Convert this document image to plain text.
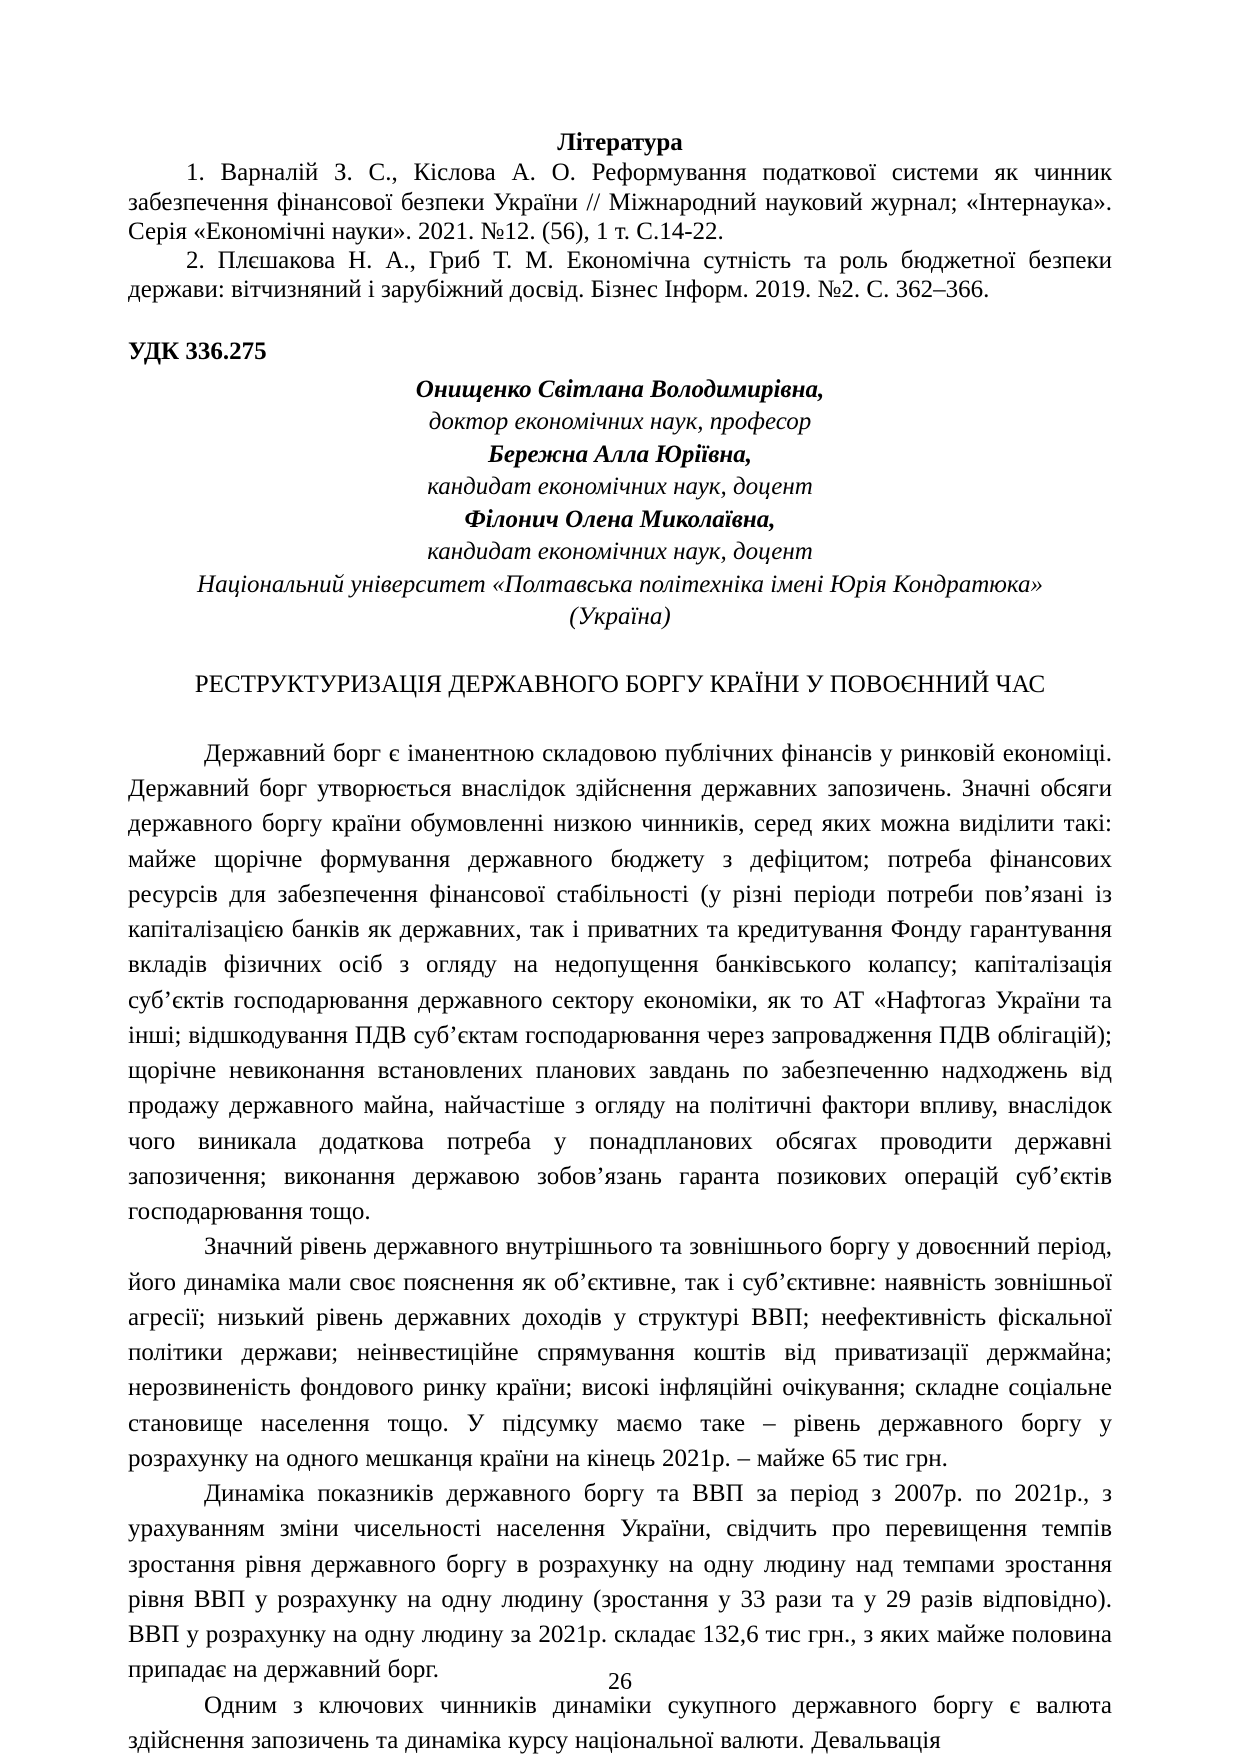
Література

1. Варналій З. С., Кіслова А. О. Реформування податкової системи як чинник забезпечення фінансової безпеки України // Міжнародний науковий журнал; «Інтернаука». Серія «Економічні науки». 2021. №12. (56), 1 т. С.14-22.

2. Плєшакова Н. А., Гриб Т. М. Економічна сутність та роль бюджетної безпеки держави: вітчизняний і зарубіжний досвід. Бізнес Інформ. 2019. №2. С. 362–366.

УДК 336.275

Онищенко Світлана Володимирівна,

доктор економічних наук, професор

Бережна Алла Юріївна,

кандидат економічних наук, доцент

Філонич Олена Миколаївна,

кандидат економічних наук, доцент

Національний університет «Полтавська політехніка імені Юрія Кондратюка»

(Україна)

РЕСТРУКТУРИЗАЦІЯ ДЕРЖАВНОГО БОРГУ КРАЇНИ У ПОВОЄННИЙ ЧАС

Державний борг є іманентною складовою публічних фінансів у ринковій економіці. Державний борг утворюється внаслідок здійснення державних запозичень. Значні обсяги державного боргу країни обумовленні низкою чинників, серед яких можна виділити такі: майже щорічне формування державного бюджету з дефіцитом; потреба фінансових ресурсів для забезпечення фінансової стабільності (у різні періоди потреби пов’язані із капіталізацією банків як державних, так і приватних та кредитування Фонду гарантування вкладів фізичних осіб з огляду на недопущення банківського колапсу; капіталізація суб’єктів господарювання державного сектору економіки, як то АТ «Нафтогаз України та інші; відшкодування ПДВ суб’єктам господарювання через запровадження ПДВ облігацій); щорічне невиконання встановлених планових завдань по забезпеченню надходжень від продажу державного майна, найчастіше з огляду на політичні фактори впливу, внаслідок чого виникала додаткова потреба у понадпланових обсягах проводити державні запозичення; виконання державою зобов’язань гаранта позикових операцій суб’єктів господарювання тощо.

Значний рівень державного внутрішнього та зовнішнього боргу у довоєнний період, його динаміка мали своє пояснення як об’єктивне, так і суб’єктивне: наявність зовнішньої агресії; низький рівень державних доходів у структурі ВВП; неефективність фіскальної політики держави; неінвестиційне спрямування коштів від приватизації держмайна; нерозвиненість фондового ринку країни; високі інфляційні очікування; складне соціальне становище населення тощо. У підсумку маємо таке – рівень державного боргу у розрахунку на одного мешканця країни на кінець 2021р. – майже 65 тис грн.

Динаміка показників державного боргу та ВВП за період з 2007р. по 2021р., з урахуванням зміни чисельності населення України, свідчить про перевищення темпів зростання рівня державного боргу в розрахунку на одну людину над темпами зростання рівня ВВП у розрахунку на одну людину (зростання у 33 рази та у 29 разів відповідно). ВВП у розрахунку на одну людину за 2021р. складає 132,6 тис грн., з яких майже половина припадає на державний борг.

Одним з ключових чинників динаміки сукупного державного боргу є валюта здійснення запозичень та динаміка курсу національної валюти. Девальвація

26
